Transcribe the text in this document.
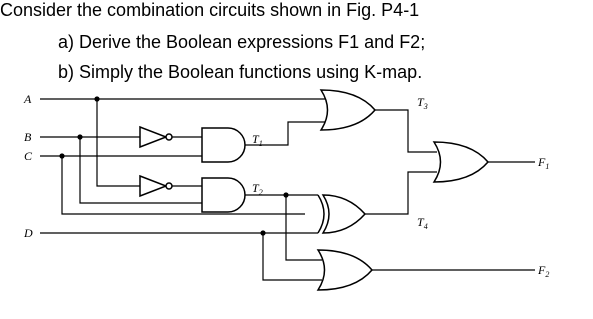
Consider the combination circuits shown in Fig. P4-1
a) Derive the Boolean expressions F1 and F2;
b) Simply the Boolean functions using K-map.
A
B
C
D
$T_1$
$T_2$
$T_3$
$T_4$
$F_1$
$F_2$
